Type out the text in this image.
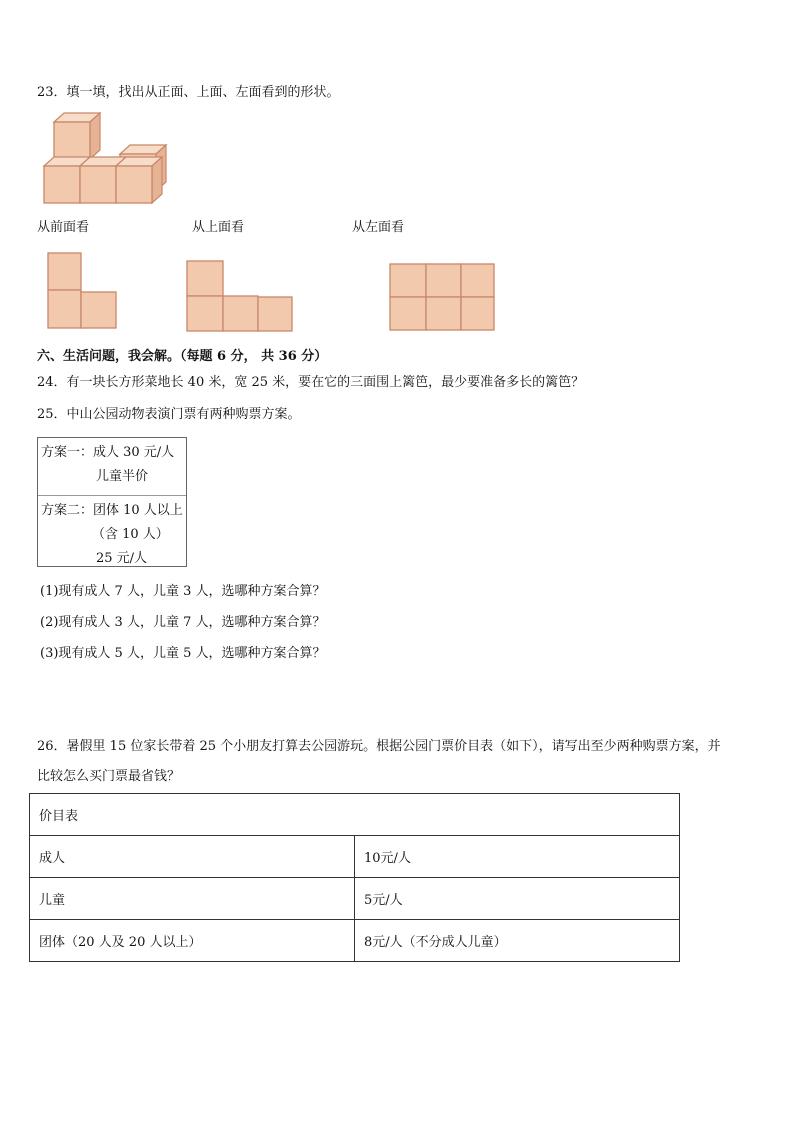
23．填一填，找出从正面、上面、左面看到的形状。
从前面看	从上面看	从左面看
六、生活问题，我会解。（每题 6 分， 共 36 分）
24．有一块长方形菜地长 40 米，宽 25 米，要在它的三面围上篱笆，最少要准备多长的篱笆？
25．中山公园动物表演门票有两种购票方案。
方案一：成人 30 元/人
儿童半价
方案二：团体 10 人以上
（含 10 人）
25 元/人
(1)现有成人 7 人，儿童 3 人，选哪种方案合算？
(2)现有成人 3 人，儿童 7 人，选哪种方案合算？
(3)现有成人 5 人，儿童 5 人，选哪种方案合算？
26．暑假里 15 位家长带着 25 个小朋友打算去公园游玩。根据公园门票价目表（如下），请写出至少两种购票方案，并
比较怎么买门票最省钱？
价目表	
成人	10元/人
儿童	5元/人
团体（20 人及 20 人以上）	8元/人（不分成人儿童）
